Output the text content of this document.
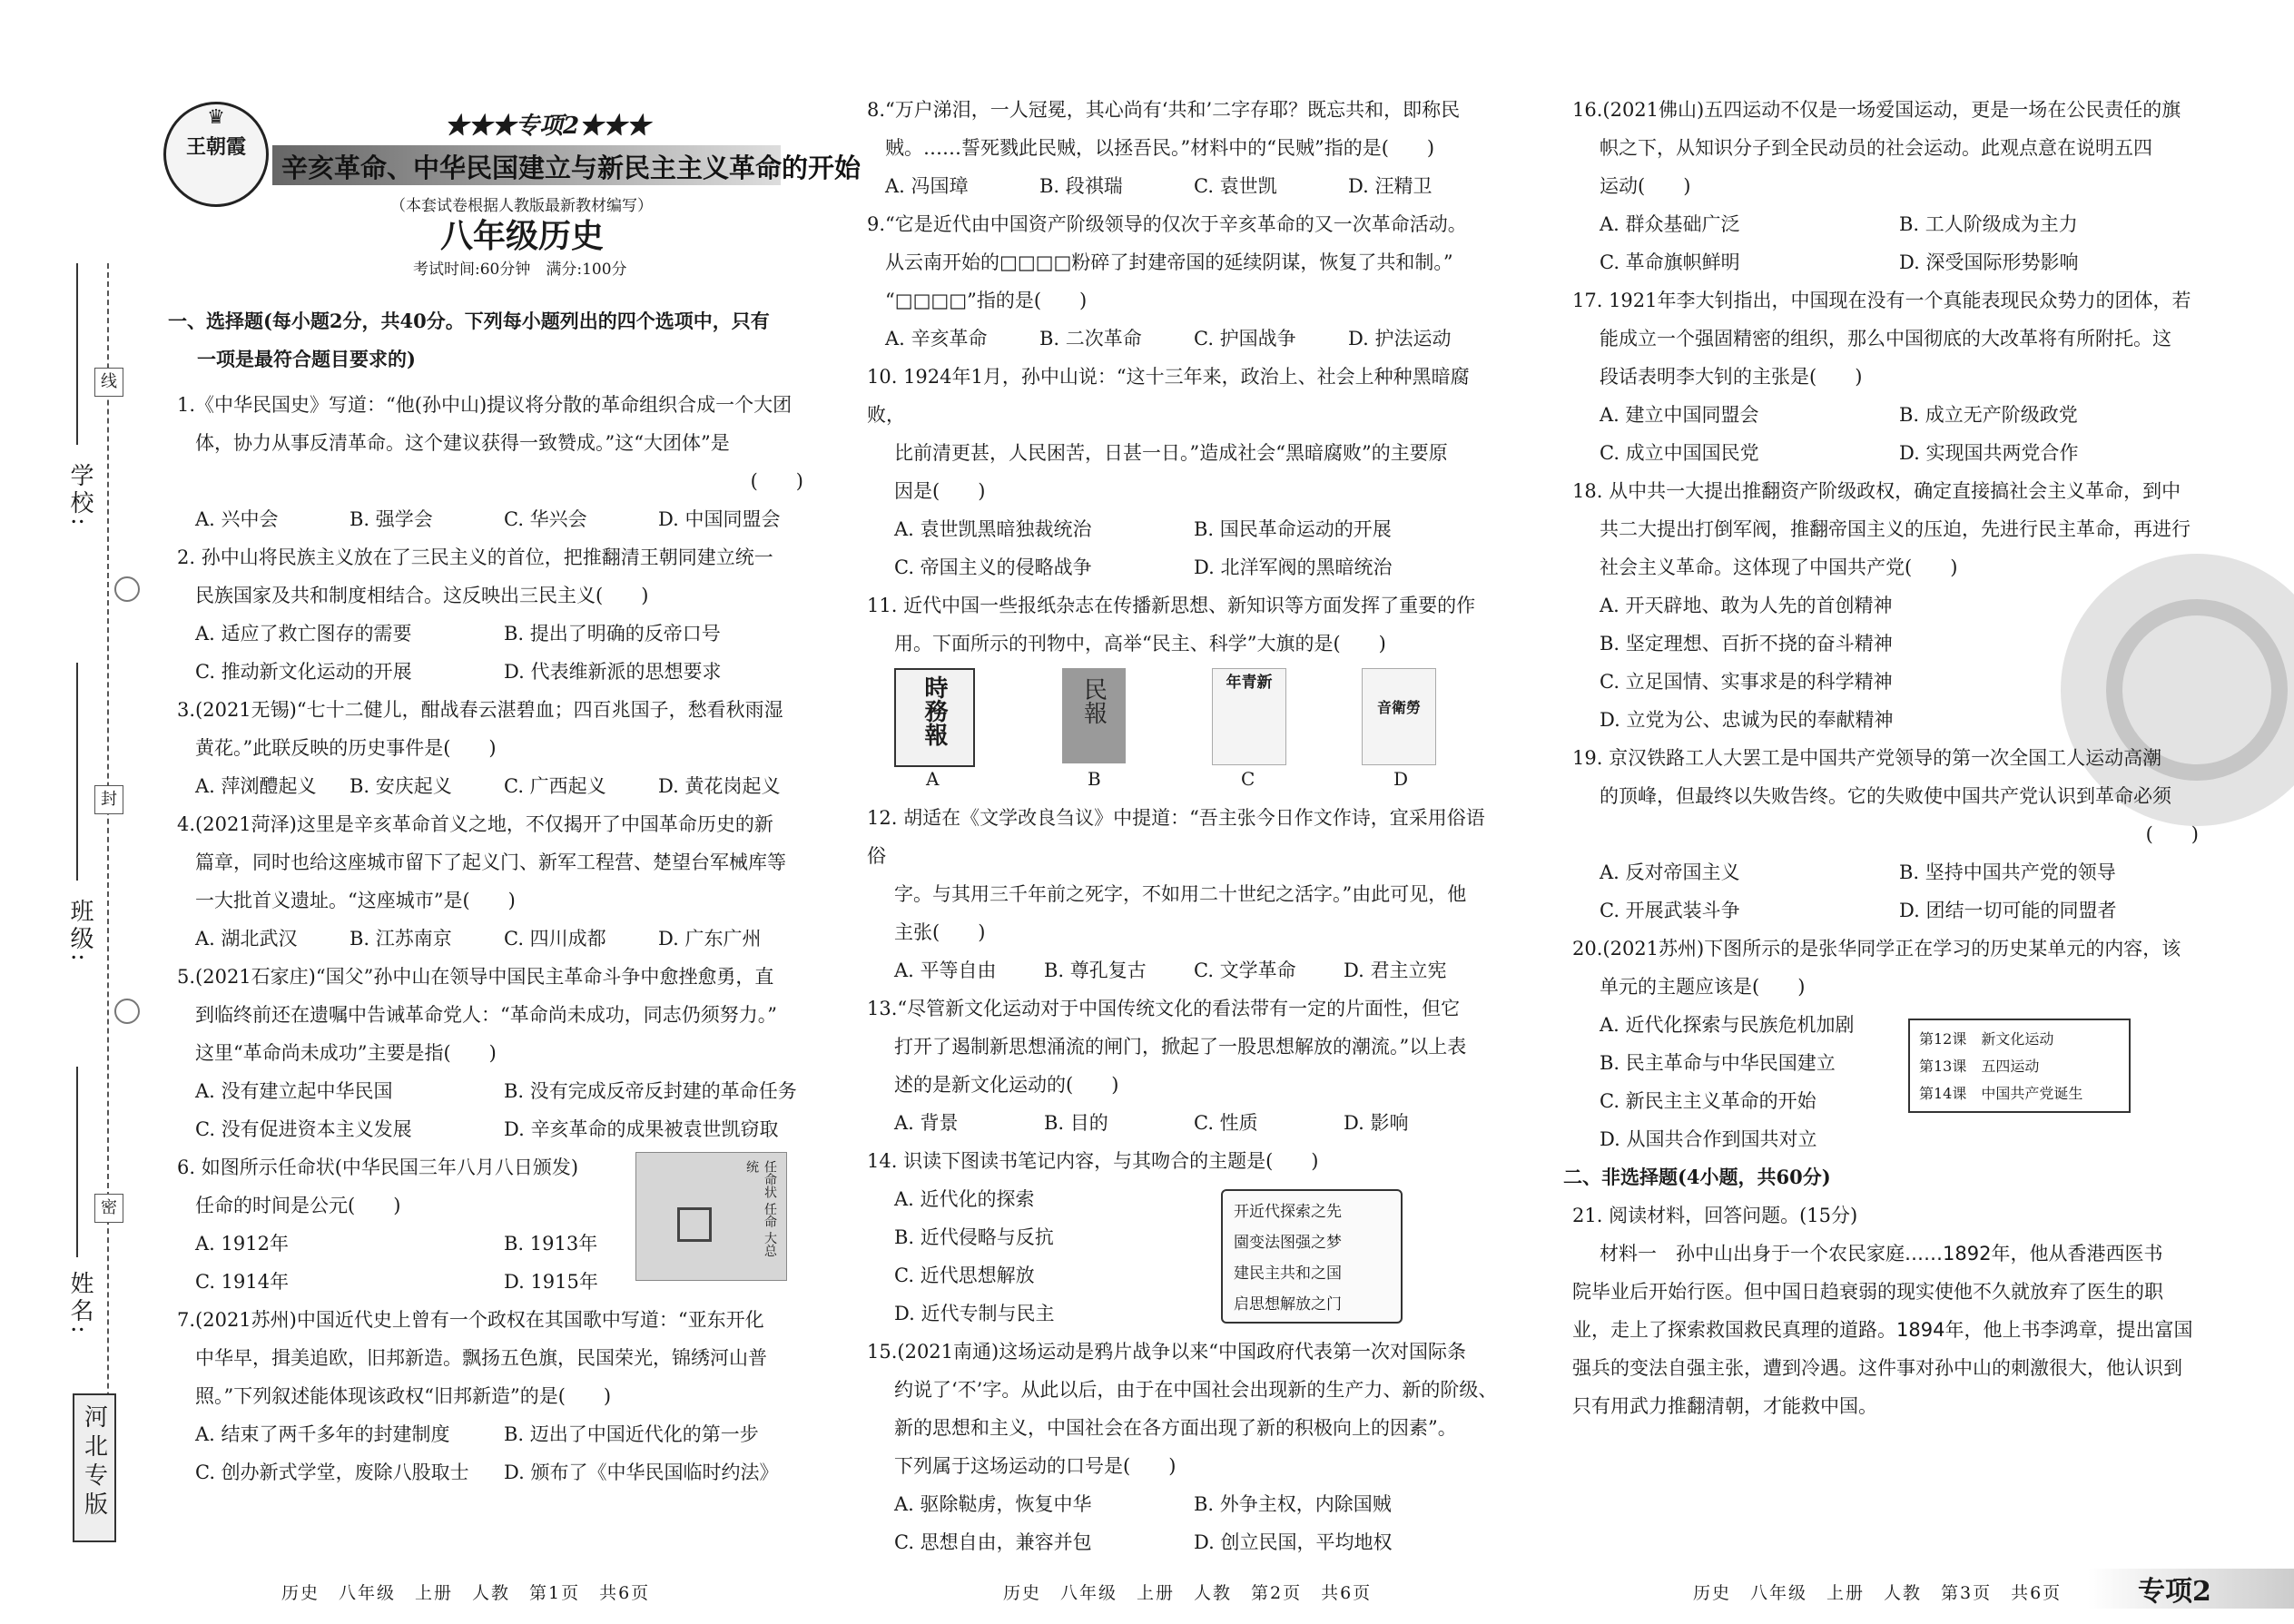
学校:
班级:
姓名:
线
封
密
河北专版
♛
王朝霞
★★★专项2★★★
辛亥革命、中华民国建立与新民主主义革命的开始
（本套试卷根据人教版最新教材编写）
八年级历史
考试时间:60分钟　满分:100分
一、选择题(每小题2分，共40分。下列每小题列出的四个选项中，只有
一项是最符合题目要求的)
1.《中华民国史》写道：“他(孙中山)提议将分散的革命组织合成一个大团
体，协力从事反清革命。这个建议获得一致赞成。”这“大团体”是
(　　)
A. 兴中会	B. 强学会	C. 华兴会	D. 中国同盟会
2. 孙中山将民族主义放在了三民主义的首位，把推翻清王朝同建立统一
民族国家及共和制度相结合。这反映出三民主义(　　)
A. 适应了救亡图存的需要	B. 提出了明确的反帝口号
C. 推动新文化运动的开展	D. 代表维新派的思想要求
3.(2021无锡)“七十二健儿，酣战春云湛碧血；四百兆国子，愁看秋雨湿
黄花。”此联反映的历史事件是(　　)
A. 萍浏醴起义	B. 安庆起义	C. 广西起义	D. 黄花岗起义
4.(2021菏泽)这里是辛亥革命首义之地，不仅揭开了中国革命历史的新
篇章，同时也给这座城市留下了起义门、新军工程营、楚望台军械库等
一大批首义遗址。“这座城市”是(　　)
A. 湖北武汉	B. 江苏南京	C. 四川成都	D. 广东广州
5.(2021石家庄)“国父”孙中山在领导中国民主革命斗争中愈挫愈勇，直
到临终前还在遗嘱中告诫革命党人：“革命尚未成功，同志仍须努力。”
这里“革命尚未成功”主要是指(　　)
A. 没有建立起中华民国	B. 没有完成反帝反封建的革命任务
C. 没有促进资本主义发展	D. 辛亥革命的成果被袁世凯窃取
6. 如图所示任命状(中华民国三年八月八日颁发)
任命的时间是公元(　　)
A. 1912年	B. 1913年
C. 1914年	D. 1915年
任命状 任命 大总统
7.(2021苏州)中国近代史上曾有一个政权在其国歌中写道：“亚东开化
中华早，揖美追欧，旧邦新造。飘扬五色旗，民国荣光，锦绣河山普
照。”下列叙述能体现该政权“旧邦新造”的是(　　)
A. 结束了两千多年的封建制度	B. 迈出了中国近代化的第一步
C. 创办新式学堂，废除八股取士	D. 颁布了《中华民国临时约法》
8.“万户涕泪，一人冠冕，其心尚有‘共和’二字存耶？既忘共和，即称民
贼。……誓死戮此民贼，以拯吾民。”材料中的“民贼”指的是(　　)
A. 冯国璋	B. 段祺瑞	C. 袁世凯	D. 汪精卫
9.“它是近代由中国资产阶级领导的仅次于辛亥革命的又一次革命活动。
从云南开始的□□□□粉碎了封建帝国的延续阴谋，恢复了共和制。”
“□□□□”指的是(　　)
A. 辛亥革命	B. 二次革命	C. 护国战争	D. 护法运动
10. 1924年1月，孙中山说：“这十三年来，政治上、社会上种种黑暗腐败，
比前清更甚，人民困苦，日甚一日。”造成社会“黑暗腐败”的主要原
因是(　　)
A. 袁世凯黑暗独裁统治	B. 国民革命运动的开展
C. 帝国主义的侵略战争	D. 北洋军阀的黑暗统治
11. 近代中国一些报纸杂志在传播新思想、新知识等方面发挥了重要的作
用。下面所示的刊物中，高举“民主、科学”大旗的是(　　)
時務報	民報	年青新
音衛勞
A	B	C	D
12. 胡适在《文学改良刍议》中提道：“吾主张今日作文作诗，宜采用俗语俗
字。与其用三千年前之死字，不如用二十世纪之活字。”由此可见，他
主张(　　)
A. 平等自由	B. 尊孔复古	C. 文学革命	D. 君主立宪
13.“尽管新文化运动对于中国传统文化的看法带有一定的片面性，但它
打开了遏制新思想涌流的闸门，掀起了一股思想解放的潮流。”以上表
述的是新文化运动的(　　)
A. 背景	B. 目的	C. 性质	D. 影响
14. 识读下图读书笔记内容，与其吻合的主题是(　　)
A. 近代化的探索
B. 近代侵略与反抗
C. 近代思想解放
D. 近代专制与民主
开近代探索之先
園变法图强之梦
建民主共和之国
启思想解放之门
15.(2021南通)这场运动是鸦片战争以来“中国政府代表第一次对国际条
约说了‘不’字。从此以后，由于在中国社会出现新的生产力、新的阶级、
新的思想和主义，中国社会在各方面出现了新的积极向上的因素”。
下列属于这场运动的口号是(　　)
A. 驱除鞑虏，恢复中华	B. 外争主权，内除国贼
C. 思想自由，兼容并包	D. 创立民国，平均地权
16.(2021佛山)五四运动不仅是一场爱国运动，更是一场在公民责任的旗
帜之下，从知识分子到全民动员的社会运动。此观点意在说明五四
运动(　　)
A. 群众基础广泛	B. 工人阶级成为主力
C. 革命旗帜鲜明	D. 深受国际形势影响
17. 1921年李大钊指出，中国现在没有一个真能表现民众势力的团体，若
能成立一个强固精密的组织，那么中国彻底的大改革将有所附托。这
段话表明李大钊的主张是(　　)
A. 建立中国同盟会	B. 成立无产阶级政党
C. 成立中国国民党	D. 实现国共两党合作
18. 从中共一大提出推翻资产阶级政权，确定直接搞社会主义革命，到中
共二大提出打倒军阀，推翻帝国主义的压迫，先进行民主革命，再进行
社会主义革命。这体现了中国共产党(　　)
A. 开天辟地、敢为人先的首创精神
B. 坚定理想、百折不挠的奋斗精神
C. 立足国情、实事求是的科学精神
D. 立党为公、忠诚为民的奉献精神
19. 京汉铁路工人大罢工是中国共产党领导的第一次全国工人运动高潮
的顶峰，但最终以失败告终。它的失败使中国共产党认识到革命必须
(　　)
A. 反对帝国主义	B. 坚持中国共产党的领导
C. 开展武装斗争	D. 团结一切可能的同盟者
20.(2021苏州)下图所示的是张华同学正在学习的历史某单元的内容，该
单元的主题应该是(　　)
A. 近代化探索与民族危机加剧
B. 民主革命与中华民国建立
C. 新民主主义革命的开始
D. 从国共合作到国共对立
第12课　新文化运动
第13课　五四运动
第14课　中国共产党诞生
二、非选择题(4小题，共60分)
21. 阅读材料，回答问题。(15分)
材料一　孙中山出身于一个农民家庭……1892年，他从香港西医书
院毕业后开始行医。但中国日趋衰弱的现实使他不久就放弃了医生的职
业，走上了探索救国救民真理的道路。1894年，他上书李鸿章，提出富国
强兵的变法自强主张，遭到冷遇。这件事对孙中山的刺激很大，他认识到
只有用武力推翻清朝，才能救中国。
历史　八年级　上册　人教　第1页　共6页	历史　八年级　上册　人教　第2页　共6页	历史　八年级　上册　人教　第3页　共6页	专项2
